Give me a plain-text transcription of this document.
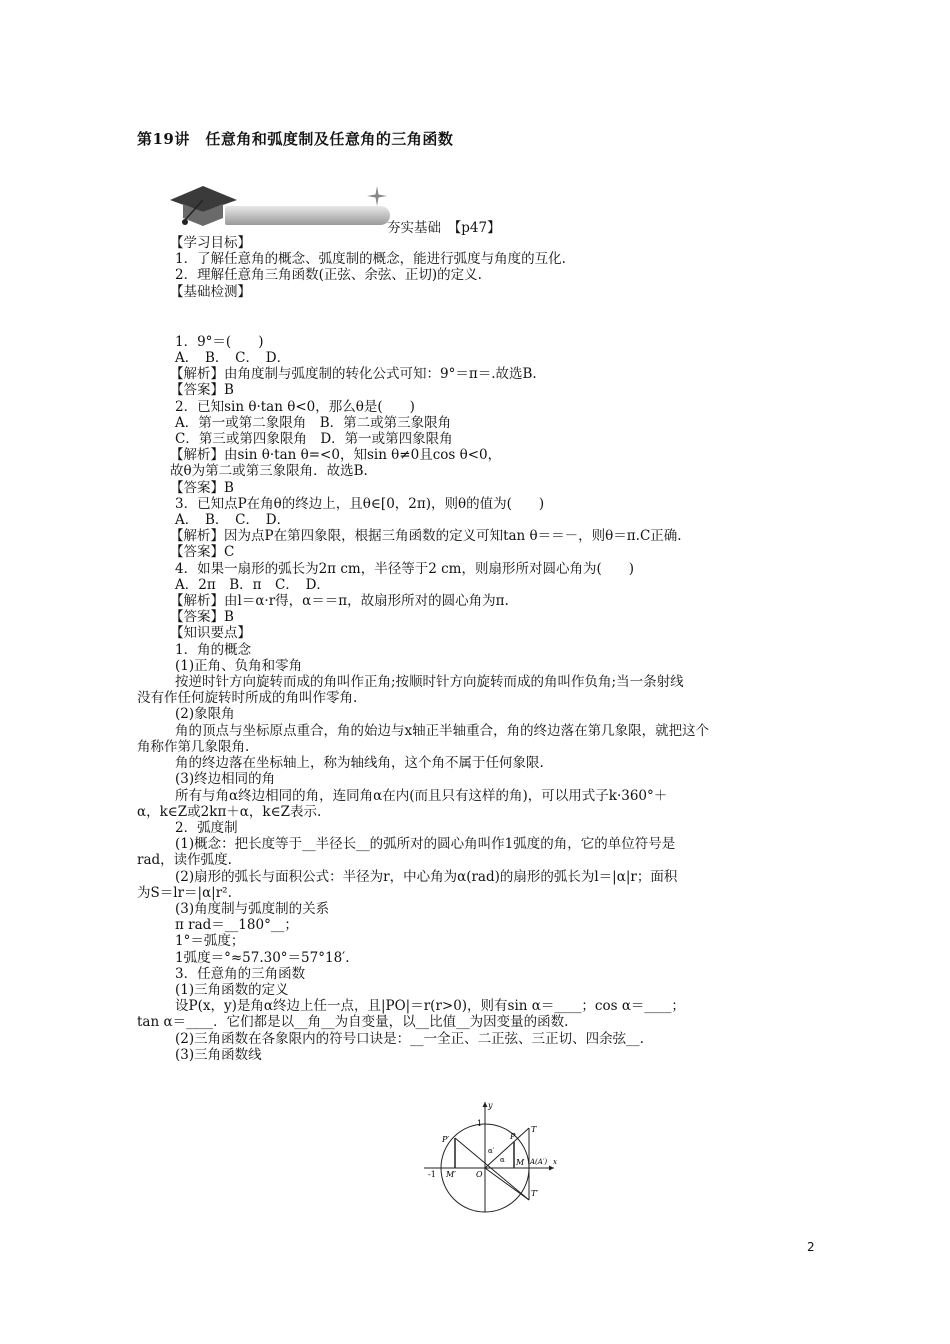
第19讲　任意角和弧度制及任意角的三角函数
夯实基础　【p47】
【学习目标】
1．了解任意角的概念、弧度制的概念，能进行弧度与角度的互化.
2．理解任意角三角函数(正弦、余弦、正切)的定义.
【基础检测】
1．9°＝(　　)
A．　B．　C．　D．
【解析】由角度制与弧度制的转化公式可知：9°＝π＝.故选B.
【答案】B
2．已知sin θ·tan θ<0，那么θ是(　　)
A．第一或第二象限角　B．第二或第三象限角
C．第三或第四象限角　D．第一或第四象限角
【解析】由sin θ·tan θ=<0，知sin θ≠0且cos θ<0，
故θ为第二或第三象限角．故选B.
【答案】B
3．已知点P在角θ的终边上，且θ∈[0，2π)，则θ的值为(　　)
A．　B．　C．　D．
【解析】因为点P在第四象限，根据三角函数的定义可知tan θ＝＝－，则θ＝π.C正确.
【答案】C
4．如果一扇形的弧长为2π cm，半径等于2 cm，则扇形所对圆心角为(　　)
A．2π　B．π　C．　D．
【解析】由l＝α·r得，α＝＝π，故扇形所对的圆心角为π.
【答案】B
【知识要点】
1．角的概念
(1)正角、负角和零角
按逆时针方向旋转而成的角叫作正角;按顺时针方向旋转而成的角叫作负角;当一条射线
没有作任何旋转时所成的角叫作零角.
(2)象限角
角的顶点与坐标原点重合，角的始边与x轴正半轴重合，角的终边落在第几象限，就把这个
角称作第几象限角.
角的终边落在坐标轴上，称为轴线角，这个角不属于任何象限.
(3)终边相同的角
所有与角α终边相同的角，连同角α在内(而且只有这样的角)，可以用式子k·360°＋
α，k∈Z或2kπ＋α，k∈Z表示.
2．弧度制
(1)概念：把长度等于__半径长__的弧所对的圆心角叫作1弧度的角，它的单位符号是
rad，读作弧度.
(2)扇形的弧长与面积公式：半径为r，中心角为α(rad)的扇形的弧长为l＝|α|r；面积
为S＝lr＝|α|r².
(3)角度制与弧度制的关系
π rad＝__180°__；
1°＝弧度；
1弧度＝°≈57.30°＝57°18′.
3．任意角的三角函数
(1)三角函数的定义
设P(x，y)是角α终边上任一点，且|PO|＝r(r>0)，则有sin α＝____；cos α＝____；
tan α＝____．它们都是以__角__为自变量，以__比值__为因变量的函数.
(2)三角函数在各象限内的符号口诀是：__一全正、二正弦、三正切、四余弦__.
(3)三角函数线
y
P
T
P′
α′
α M A(A′) x
-1 M′ O
1
T′
2
